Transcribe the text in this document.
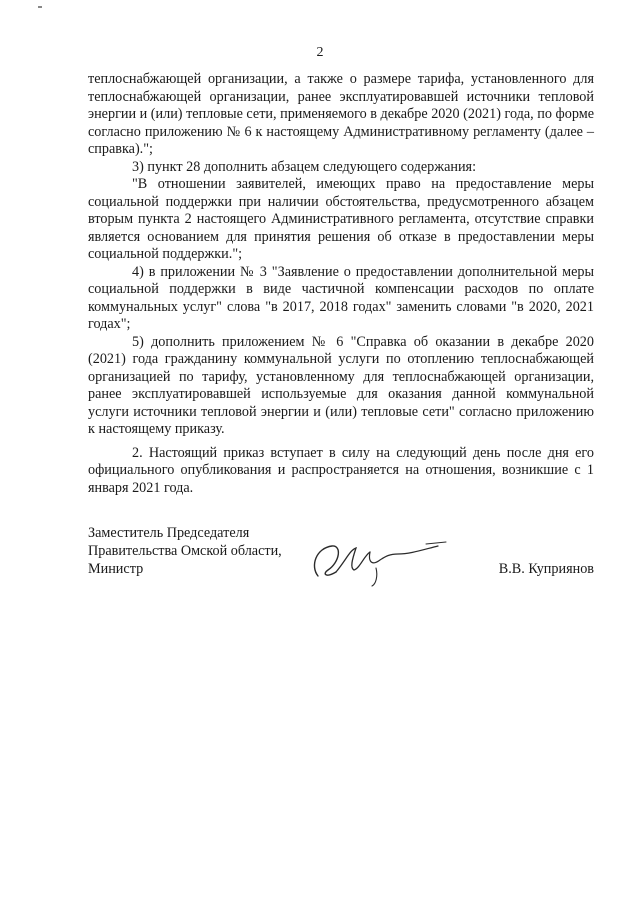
2

теплоснабжающей организации, а также о размере тарифа, установленного для теплоснабжающей организации, ранее эксплуатировавшей источники тепловой энергии и (или) тепловые сети, применяемого в декабре 2020 (2021) года, по форме согласно приложению № 6 к настоящему Административному регламенту (далее – справка).";

3) пункт 28 дополнить абзацем следующего содержания:

"В отношении заявителей, имеющих право на предоставление меры социальной поддержки при наличии обстоятельства, предусмотренного абзацем вторым пункта 2 настоящего Административного регламента, отсутствие справки является основанием для принятия решения об отказе в предоставлении меры социальной поддержки.";

4) в приложении № 3 "Заявление о предоставлении дополнительной меры социальной поддержки в виде частичной компенсации расходов по оплате коммунальных услуг" слова "в 2017, 2018 годах" заменить словами "в 2020, 2021 годах";

5) дополнить приложением № 6 "Справка об оказании в декабре 2020 (2021) года гражданину коммунальной услуги по отоплению теплоснабжающей организацией по тарифу, установленному для теплоснабжающей организации, ранее эксплуатировавшей используемые для оказания данной коммунальной услуги источники тепловой энергии и (или) тепловые сети" согласно приложению к настоящему приказу.

2. Настоящий приказ вступает в силу на следующий день после дня его официального опубликования и распространяется на отношения, возникшие с 1 января 2021 года.

Заместитель Председателя
Правительства Омской области,
Министр	В.В. Куприянов
